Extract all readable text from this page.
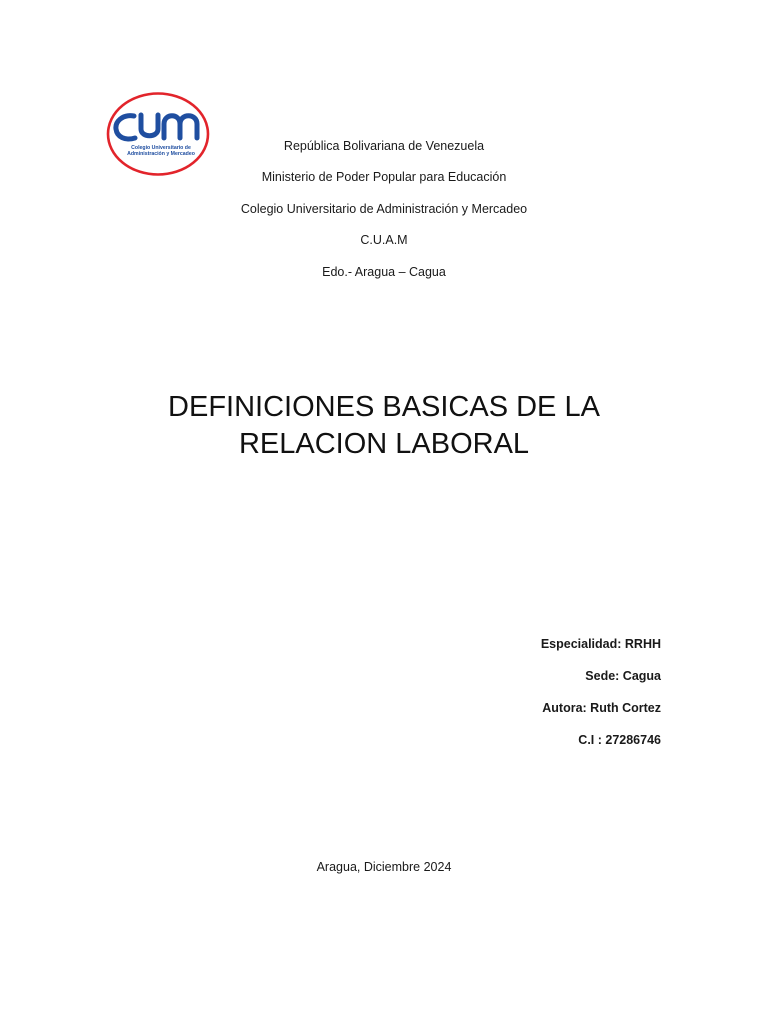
Colegio Universitario de
Administración y Mercadeo
República Bolivariana de Venezuela
Ministerio de Poder Popular para Educación
Colegio Universitario de Administración y Mercadeo
C.U.A.M
Edo.- Aragua – Cagua
DEFINICIONES BASICAS DE LA
RELACION LABORAL
Especialidad: RRHH
Sede: Cagua
Autora: Ruth Cortez
C.I : 27286746
Aragua, Diciembre 2024
